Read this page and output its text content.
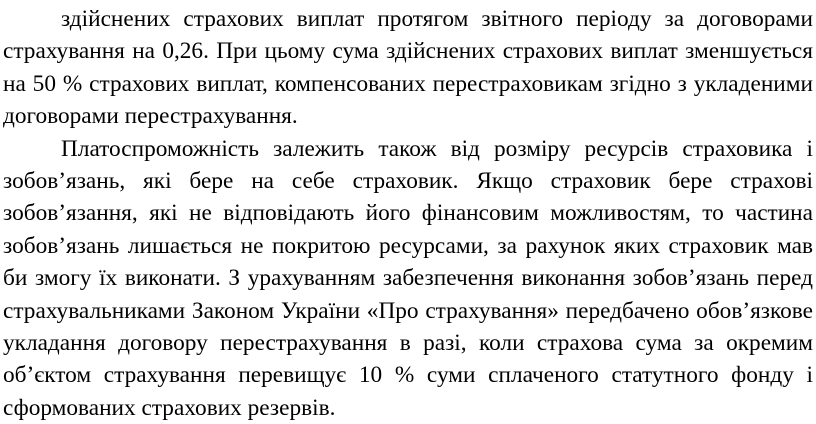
здійснених страхових виплат протягом звітного періоду за договорами страхування на 0,26. При цьому сума здійснених страхових виплат зменшується на 50 % страхових виплат, компенсованих перестраховикам згідно з укладеними договорами перестрахування.

Платоспроможність залежить також від розміру ресурсів страховика і зобов’язань, які бере на себе страховик. Якщо страховик бере страхові зобов’язання, які не відповідають його фінансовим можливостям, то частина зобов’язань лишається не покритою ресурсами, за рахунок яких страховик мав би змогу їх виконати. З урахуванням забезпечення виконання зобов’язань перед страхувальниками Законом України «Про страхування» передбачено обов’язкове укладання договору перестрахування в разі, коли страхова сума за окремим об’єктом страхування перевищує 10 % суми сплаченого статутного фонду і сформованих страхових резервів.
